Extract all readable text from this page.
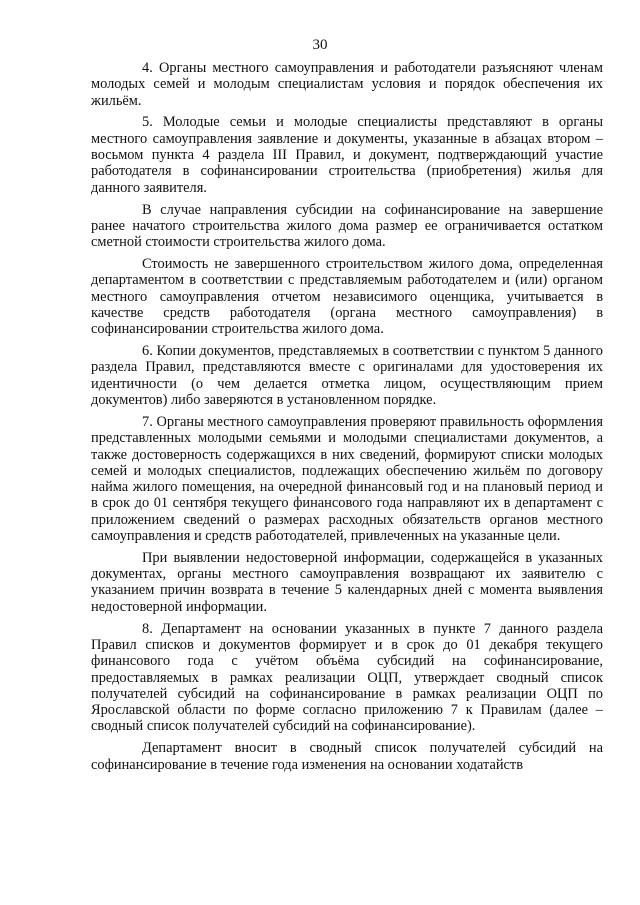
30

4. Органы местного самоуправления и работодатели разъясняют членам молодых семей и молодым специалистам условия и порядок обеспечения их жильём.

5. Молодые семьи и молодые специалисты представляют в органы местного самоуправления заявление и документы, указанные в абзацах втором – восьмом пункта 4 раздела III Правил, и документ, подтверждающий участие работодателя в софинансировании строительства (приобретения) жилья для данного заявителя.

В случае направления субсидии на софинансирование на завершение ранее начатого строительства жилого дома размер ее ограничивается остатком сметной стоимости строительства жилого дома.

Стоимость не завершенного строительством жилого дома, определенная департаментом в соответствии с представляемым работодателем и (или) органом местного самоуправления отчетом независимого оценщика, учитывается в качестве средств работодателя (органа местного самоуправления) в софинансировании строительства жилого дома.

6. Копии документов, представляемых в соответствии с пунктом 5 данного раздела Правил, представляются вместе с оригиналами для удостоверения их идентичности (о чем делается отметка лицом, осуществляющим прием документов) либо заверяются в установленном порядке.

7. Органы местного самоуправления проверяют правильность оформления представленных молодыми семьями и молодыми специалистами документов, а также достоверность содержащихся в них сведений, формируют списки молодых семей и молодых специалистов, подлежащих обеспечению жильём по договору найма жилого помещения, на очередной финансовый год и на плановый период и в срок до 01 сентября текущего финансового года направляют их в департамент с приложением сведений о размерах расходных обязательств органов местного самоуправления и средств работодателей, привлеченных на указанные цели.

При выявлении недостоверной информации, содержащейся в указанных документах, органы местного самоуправления возвращают их заявителю с указанием причин возврата в течение 5 календарных дней с момента выявления недостоверной информации.

8. Департамент на основании указанных в пункте 7 данного раздела Правил списков и документов формирует и в срок до 01 декабря текущего финансового года с учётом объёма субсидий на софинансирование, предоставляемых в рамках реализации ОЦП, утверждает сводный список получателей субсидий на софинансирование в рамках реализации ОЦП по Ярославской области по форме согласно приложению 7 к Правилам (далее – сводный список получателей субсидий на софинансирование).

Департамент вносит в сводный список получателей субсидий на софинансирование в течение года изменения на основании ходатайств
